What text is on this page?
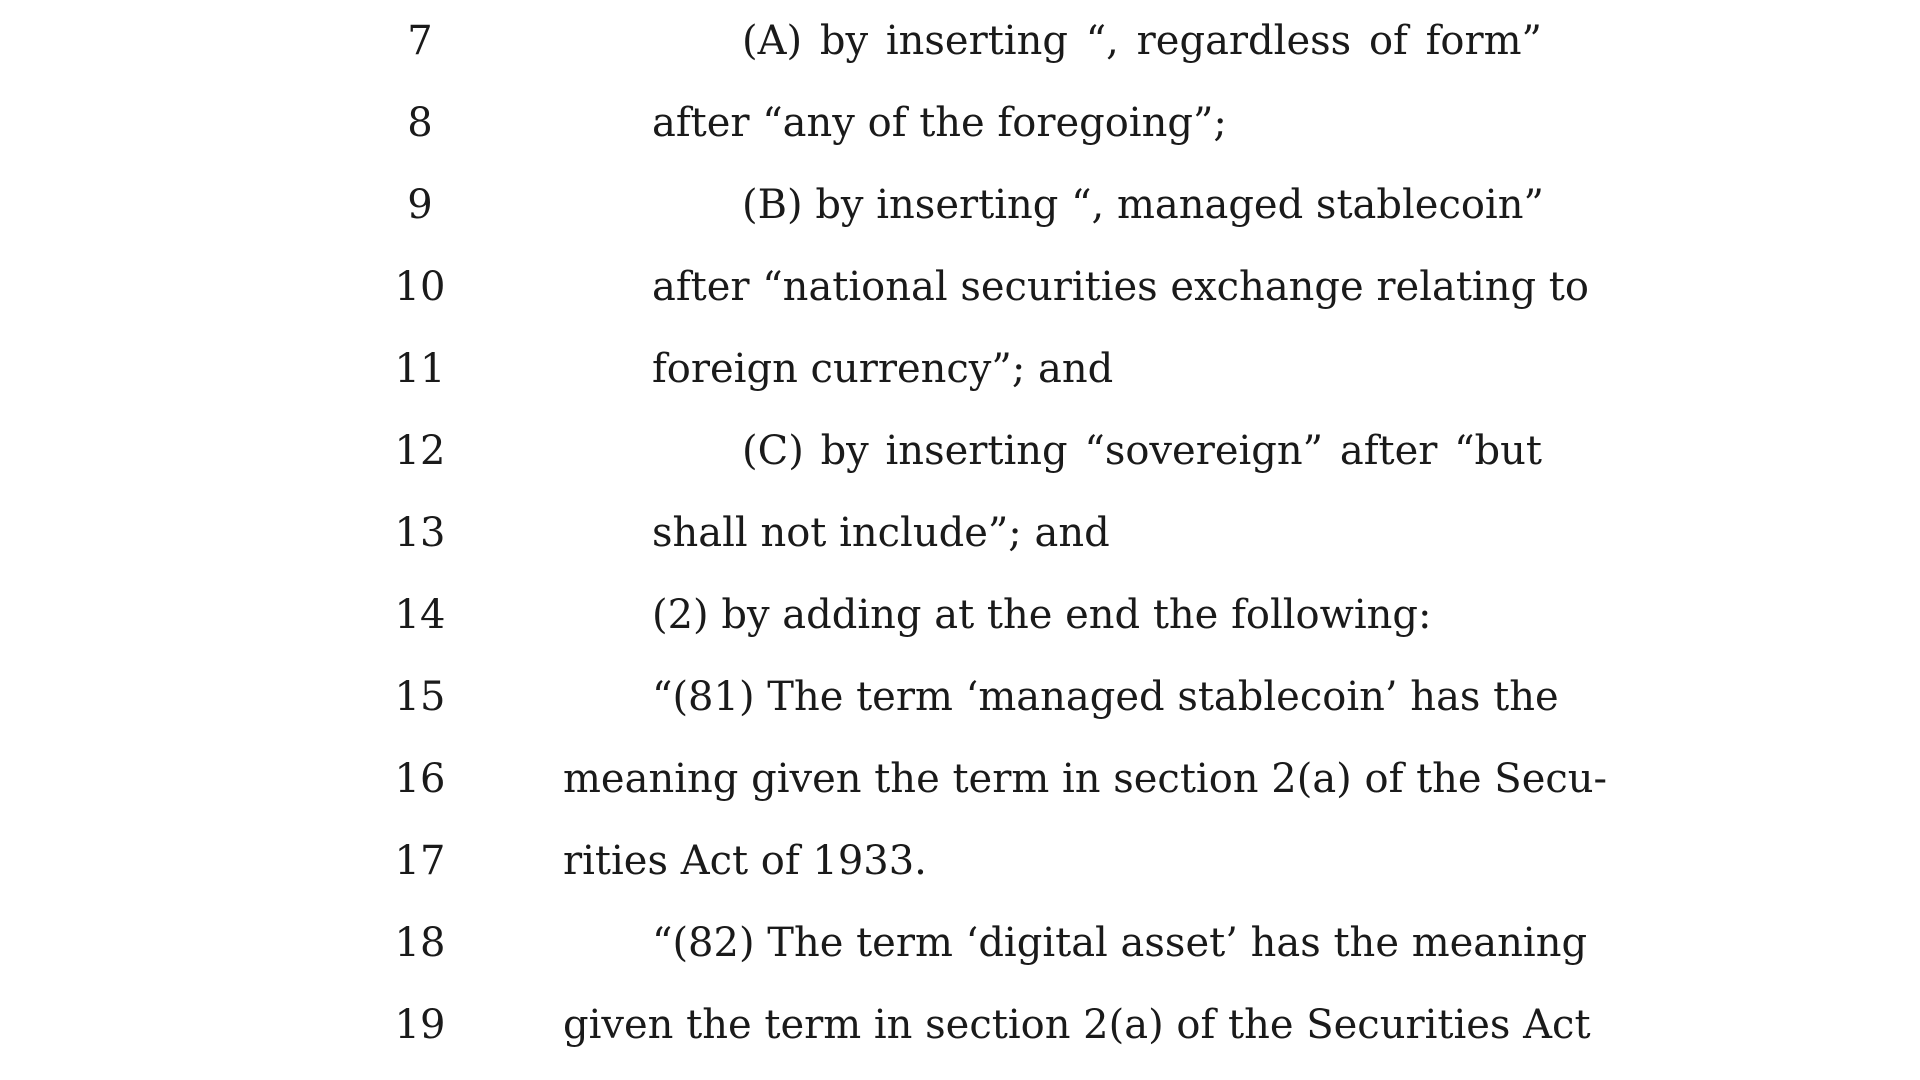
7	(A) by inserting “, regardless of form”
8	after “any of the foregoing”;
9	(B) by inserting “, managed stablecoin”
10	after “national securities exchange relating to
11	foreign currency”; and
12	(C) by inserting “sovereign” after “but
13	shall not include”; and
14	(2) by adding at the end the following:
15	“(81) The term ‘managed stablecoin’ has the
16	meaning given the term in section 2(a) of the Secu-
17	rities Act of 1933.
18	“(82) The term ‘digital asset’ has the meaning
19	given the term in section 2(a) of the Securities Act
